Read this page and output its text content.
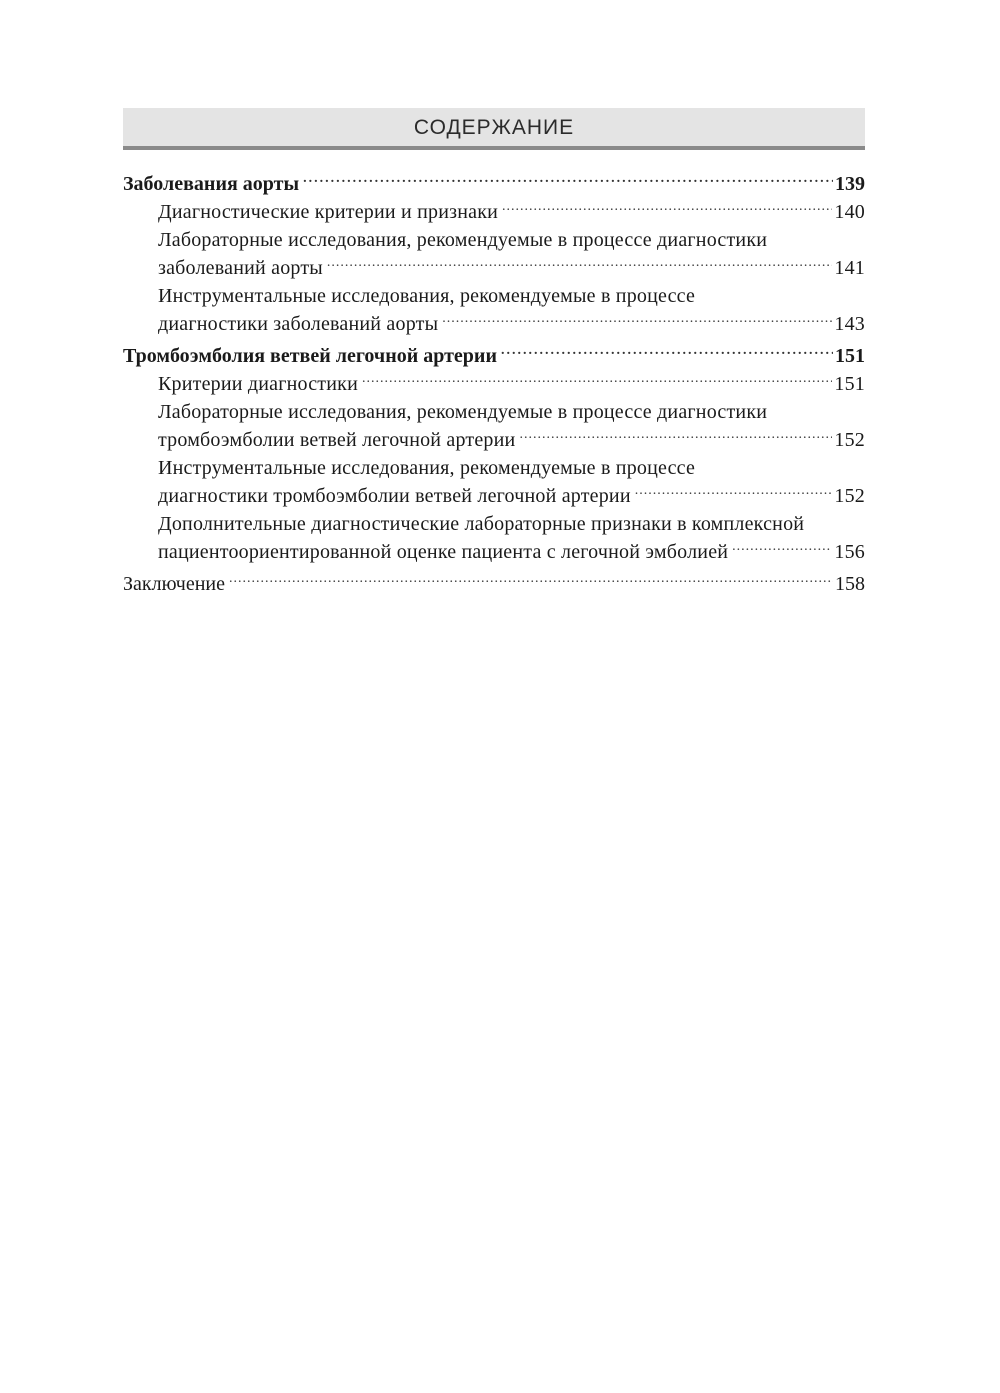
СОДЕРЖАНИЕ
Заболевания аорты .....	139
Диагностические критерии и признаки .....	140
Лабораторные исследования, рекомендуемые в процессе диагностики
заболеваний аорты .....	141
Инструментальные исследования, рекомендуемые в процессе
диагностики заболеваний аорты .....	143
Тромбоэмболия ветвей легочной артерии .....	151
Критерии диагностики .....	151
Лабораторные исследования, рекомендуемые в процессе диагностики
тромбоэмболии ветвей легочной артерии .....	152
Инструментальные исследования, рекомендуемые в процессе
диагностики тромбоэмболии ветвей легочной артерии .....	152
Дополнительные диагностические лабораторные признаки в комплексной
пациентоориентированной оценке пациента с легочной эмболией .....	156
Заключение .....	158
